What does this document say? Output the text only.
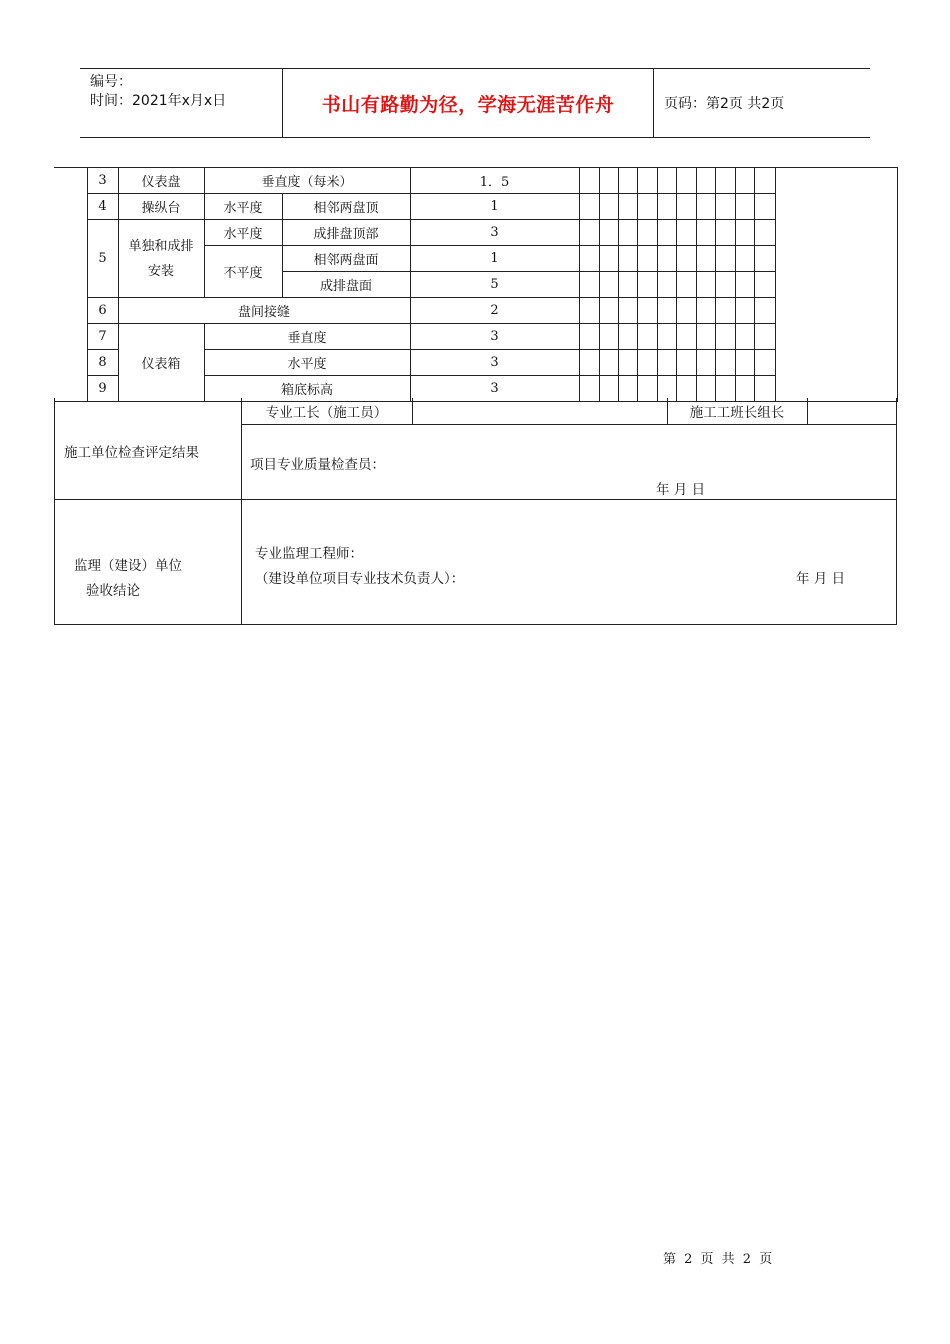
编号：
时间：2021年x月x日	书山有路勤为径，学海无涯苦作舟	页码：第2页 共2页
	3	仪表盘	垂直度（每米）		1．5											
	4	操纵台	水平度	相邻两盘顶	1											
	5	单独和成排安装	水平度	成排盘顶部	3											
			不平度	相邻两盘面	1											
				成排盘面	5											
	6	盘间接缝			2											
	7	仪表箱	垂直度		3											
	8		水平度		3											
	9		箱底标高		3											
施工单位检查评定结果
专业工长（施工员）	施工工班长组长
项目专业质量检查员：
年 月 日
监理（建设）单位
验收结论
专业监理工程师：
（建设单位项目专业技术负责人）：	年 月 日
第 2 页 共 2 页
